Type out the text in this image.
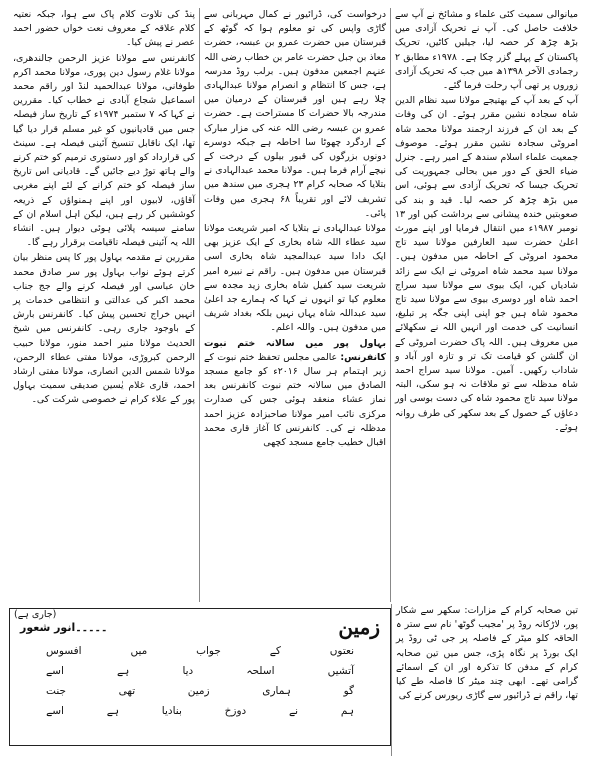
میانوالی سمیت کئی علماء و مشائخ نے آپ سے خلافت حاصل کی۔ آپ نے تحریک آزادی میں بڑھ چڑھ کر حصہ لیا، جیلیں کاٹیں، تحریک پاکستان کے پہلے گزر چکا ہے۔ ۱۹۷۸ء مطابق ۲ رجمادی الآخر ۱۳۹۸ھ میں جب کہ تحریک آزادی زوروں پر تھی آپ رحلت فرما گئے۔

آپ کے بعد آپ کے بھتیجے مولانا سید نظام الدین شاہ سجادہ نشین مقرر ہوئے۔ ان کی وفات کے بعد ان کے فرزند ارجمند مولانا محمد شاہ امروٹی سجادہ نشین مقرر ہوئے۔ موصوف جمعیت علماء اسلام سندھ کے امیر رہے۔ جنرل ضیاء الحق کے دور میں بحالی جمہوریت کی تحریک جیسا کہ تحریک آزادی سے ہوئی، اس میں بڑھ چڑھ کر حصہ لیا۔ قید و بند کی صعوبتیں خندہ پیشانی سے برداشت کیں اور ۱۳ نومبر ۱۹۸۷ء میں انتقال فرمایا اور اپنے مورث اعلیٰ حضرت سید العارفین مولانا سید تاج محمود امروٹی کے احاطہ میں مدفون ہیں۔ مولانا سید محمد شاہ امروٹی نے ایک سے زائد شادیاں کیں، ایک بیوی سے مولانا سید سراج احمد شاہ اور دوسری بیوی سے مولانا سید تاج محمود شاہ ہیں جو اپنی اپنی جگہ پر تبلیغ، انسانیت کی خدمت اور انہیں اللہ نے سکھلائے میں معروف ہیں۔ اللہ پاک حضرت امروٹی کے ان گلشن کو قیامت تک تر و تازہ اور آباد و شاداب رکھیں۔ آمین۔ مولانا سید سراج احمد شاہ مدظلہ سے تو ملاقات نہ ہو سکی، البتہ مولانا سید تاج محمود شاہ کی دست بوسی اور دعاؤں کے حصول کے بعد سکھر کی طرف روانہ ہوئے۔

درخواست کی، ڈرائیور نے کمال مہربانی سے گاڑی واپس کی تو معلوم ہوا کہ گوٹھ کے قبرستان میں حضرت عمرو بن عبسہ، حضرت معاذ بن جبل حضرت عامر بن خطاب رضی اللہ عنہم اجمعین مدفون ہیں۔ برلب روڈ مدرسہ ہے، جس کا انتظام و انصرام مولانا عبدالہادی چلا رہے ہیں اور قبرستان کے درمیان میں مندرجہ بالا حضرات کا مستراحت ہے۔ حضرت عمرو بن عبسہ رضی اللہ عنہ کی مزار مبارک کے اردگرد چھوٹا سا احاطہ ہے جبکہ دوسرے دونوں بزرگوں کی قبور بیلوں کے درخت کے نیچے آرام فرما ہیں۔ مولانا محمد عبدالہادی نے بتلایا کہ صحابہ کرام ۲۳ ہجری میں سندھ میں تشریف لائے اور تقریباً ۶۸ ہجری میں وفات پائی۔

مولانا عبدالہادی نے بتلایا کہ امیر شریعت مولانا سید عطاء اللہ شاہ بخاری کے ایک عزیز بھی ایک دادا سید عبدالمجید شاہ بخاری اسی قبرستان میں مدفون ہیں۔ راقم نے نبیرہ امیر شریعت سید کفیل شاہ بخاری زید مجدہ سے معلوم کیا تو انہوں نے کہا کہ ہمارے جد اعلیٰ سید عبداللہ شاہ یہاں نہیں بلکہ بغداد شریف میں مدفون ہیں۔ واللہ اعلم۔

بہاول پور میں سالانہ ختم نبوت کانفرنس: عالمی مجلس تحفظ ختم نبوت کے زیر اہتمام ہر سال ۲۰۱۶ء کو جامع مسجد الصادق میں سالانہ ختم نبوت کانفرنس بعد نماز عشاء منعقد ہوئی جس کی صدارت مرکزی نائب امیر مولانا صاحبزادہ عزیز احمد مدظلہ نے کی۔ کانفرنس کا آغاز قاری محمد اقبال خطیب جامع مسجد کچھی

پنڈ کی تلاوت کلام پاک سے ہوا، جبکہ نعتیہ کلام علاقہ کے معروف نعت خواں حضور احمد عصر نے پیش کیا۔

کانفرنس سے مولانا عزیز الرحمن جالندھری، مولانا غلام رسول دین پوری، مولانا محمد اکرم طوفانی، مولانا عبدالحمید لنڈ اور راقم محمد اسماعیل شجاع آبادی نے خطاب کیا۔ مقررین نے کہا کہ ۷ ستمبر ۱۹۷۴ء کے تاریخ ساز فیصلہ جس میں قادیانیوں کو غیر مسلم قرار دیا گیا تھا، ایک ناقابل تنسیخ آئینی فیصلہ ہے۔ سینٹ کی قرارداد کو اور دستوری ترمیم کو ختم کرنے والے ہاتھ توڑ دیے جائیں گے۔ قادیانی اس تاریخ ساز فیصلہ کو ختم کرانے کے لئے اپنے مغربی آقاؤں، لابیوں اور اپنے ہمنواؤں کے ذریعہ کوششیں کر رہے ہیں، لیکن اہل اسلام ان کے سامنے سیسہ پلائی ہوئی دیوار ہیں۔ انشاء اللہ یہ آئینی فیصلہ تاقیامت برقرار رہے گا۔

مقررین نے مقدمہ بہاول پور کا پس منظر بیان کرتے ہوئے نواب بہاول پور سر صادق محمد خان عباسی اور فیصلہ کرنے والے جج جناب محمد اکبر کی عدالتی و انتظامی خدمات پر انہیں خراج تحسین پیش کیا۔ کانفرنس بارش کے باوجود جاری رہی۔ کانفرنس میں شیخ الحدیث مولانا منیر احمد منور، مولانا حبیب الرحمن کبروڑی، مولانا مفتی عطاء الرحمن، مولانا شمس الدین انصاری، مولانا مفتی ارشاد احمد، قاری غلام یٰسین صدیقی سمیت بہاول پور کے علاء کرام نے خصوصی شرکت کی۔

تین صحابہ کرام کے مزارات: سکھر سے شکار پور، لاڑکانہ روڈ پر 'مجیب گوٹھ' نام سے ستر ہ الحاقہ کلو میٹر کے فاصلہ پر جی ٹی روڈ پر ایک بورڈ پر نگاہ پڑی، جس میں تین صحابہ کرام کے مدفن کا تذکرہ اور ان کے اسمائے گرامی تھے۔ ابھی چند میٹر کا فاصلہ طے کیا تھا، راقم نے ڈرائیور سے گاڑی ریورس کرنے کی

زمین
۔۔۔۔۔انور شعور
نعتوں
کے
جواب
میں
افسوس
آتشیں
اسلحہ
دیا
ہے
اسے
گو
ہماری
زمین
تھی
جنت
ہم
نے
دوزخ
بنادیا
ہے
اسے
(جاری ہے)
